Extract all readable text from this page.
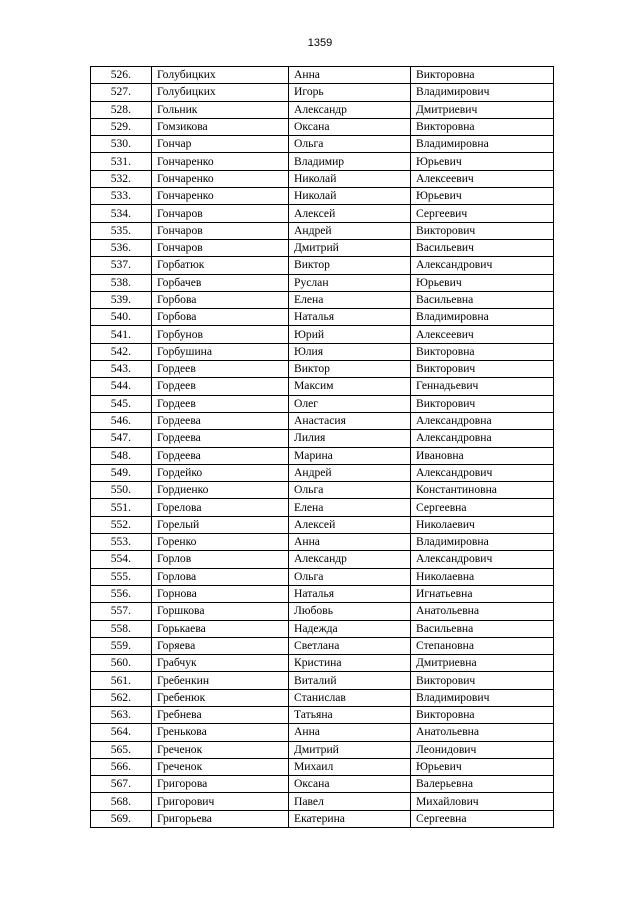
1359
526.	Голубицких	Анна	Викторовна
527.	Голубицких	Игорь	Владимирович
528.	Гольник	Александр	Дмитриевич
529.	Гомзикова	Оксана	Викторовна
530.	Гончар	Ольга	Владимировна
531.	Гончаренко	Владимир	Юрьевич
532.	Гончаренко	Николай	Алексеевич
533.	Гончаренко	Николай	Юрьевич
534.	Гончаров	Алексей	Сергеевич
535.	Гончаров	Андрей	Викторович
536.	Гончаров	Дмитрий	Васильевич
537.	Горбатюк	Виктор	Александрович
538.	Горбачев	Руслан	Юрьевич
539.	Горбова	Елена	Васильевна
540.	Горбова	Наталья	Владимировна
541.	Горбунов	Юрий	Алексеевич
542.	Горбушина	Юлия	Викторовна
543.	Гордеев	Виктор	Викторович
544.	Гордеев	Максим	Геннадьевич
545.	Гордеев	Олег	Викторович
546.	Гордеева	Анастасия	Александровна
547.	Гордеева	Лилия	Александровна
548.	Гордеева	Марина	Ивановна
549.	Гордейко	Андрей	Александрович
550.	Гордиенко	Ольга	Константиновна
551.	Горелова	Елена	Сергеевна
552.	Горелый	Алексей	Николаевич
553.	Горенко	Анна	Владимировна
554.	Горлов	Александр	Александрович
555.	Горлова	Ольга	Николаевна
556.	Горнова	Наталья	Игнатьевна
557.	Горшкова	Любовь	Анатольевна
558.	Горькаева	Надежда	Васильевна
559.	Горяева	Светлана	Степановна
560.	Грабчук	Кристина	Дмитриевна
561.	Гребенкин	Виталий	Викторович
562.	Гребенюк	Станислав	Владимирович
563.	Гребнева	Татьяна	Викторовна
564.	Гренькова	Анна	Анатольевна
565.	Греченок	Дмитрий	Леонидович
566.	Греченок	Михаил	Юрьевич
567.	Григорова	Оксана	Валерьевна
568.	Григорович	Павел	Михайлович
569.	Григорьева	Екатерина	Сергеевна
